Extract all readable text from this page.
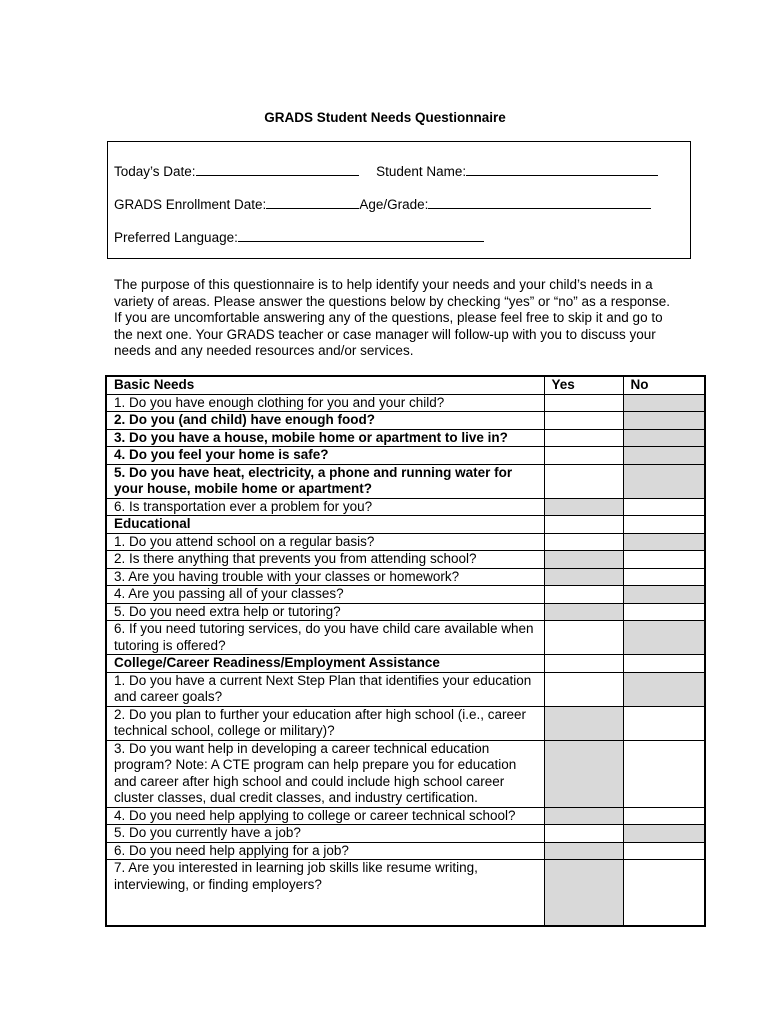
GRADS Student Needs Questionnaire
Today’s Date:	Student Name:
GRADS Enrollment Date:	Age/Grade:
Preferred Language:
The purpose of this questionnaire is to help identify your needs and your child’s needs in a variety of areas. Please answer the questions below by checking “yes” or “no” as a response. If you are uncomfortable answering any of the questions, please feel free to skip it and go to the next one. Your GRADS teacher or case manager will follow-up with you to discuss your needs and any needed resources and/or services.
Basic Needs	Yes	No
1. Do you have enough clothing for you and your child?		
2. Do you (and child) have enough food?		
3. Do you have a house, mobile home or apartment to live in?		
4. Do you feel your home is safe?		
5. Do you have heat, electricity, a phone and running water for your house, mobile home or apartment?		
6. Is transportation ever a problem for you?		
Educational		
1. Do you attend school on a regular basis?		
2. Is there anything that prevents you from attending school?		
3. Are you having trouble with your classes or homework?		
4. Are you passing all of your classes?		
5. Do you need extra help or tutoring?		
6. If you need tutoring services, do you have child care available when tutoring is offered?		
College/Career Readiness/Employment Assistance		
1. Do you have a current Next Step Plan that identifies your education and career goals?		
2. Do you plan to further your education after high school (i.e., career technical school, college or military)?		
3. Do you want help in developing a career technical education program? Note: A CTE program can help prepare you for education and career after high school and could include high school career cluster classes, dual credit classes, and industry certification.		
4. Do you need help applying to college or career technical school?		
5. Do you currently have a job?		
6. Do you need help applying for a job?		
7. Are you interested in learning job skills like resume writing, interviewing, or finding employers?		
